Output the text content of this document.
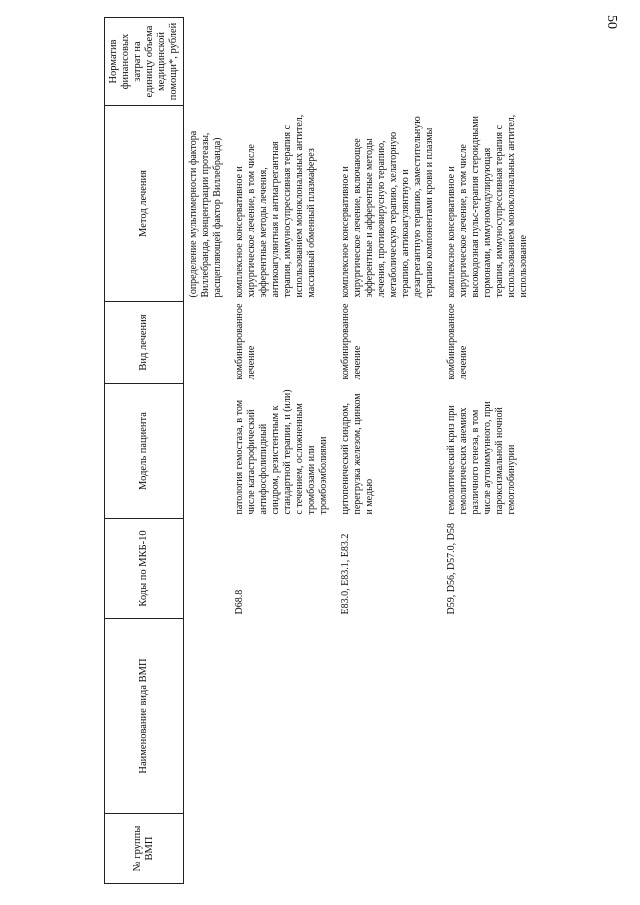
50
№ группы ВМП	Наименование вида ВМП	Коды по МКБ-10	Модель пациента	Вид лечения	Метод лечения	Норматив финансовых затрат на единицу объема медицинской помощи*, рублей
					(определение мультимерности фактора Виллебранда, концентрации протеазы, расщепляющей фактор Виллебранда)	
		D68.8	патология гемостаза, в том числе катастрофический антифосфолипидный синдром, резистентным к стандартной терапии, и (или) с течением, осложненным тромбозами или тромбоэмболиями	комбинированное лечение	комплексное консервативное и хирургическое лечение, в том числе эфферентные методы лечения, антикоагулянтная и антиагрегантная терапия, иммуносупрессивная терапия с использованием моноклональных антител, массивный обменный плазмаферез	
		E83.0, E83.1, E83.2	цитопенический синдром, перегрузка железом, цинком и медью	комбинированное лечение	комплексное консервативное и хирургическое лечение, включающее эфферентные и афферентные методы лечения, противовирусную терапию, метаболическую терапию, хелаторную терапию, антикоагулянтную и дезагрегантную терапию, заместительную терапию компонентами крови и плазмы	
		D59, D56, D57.0, D58	гемолитический криз при гемолитических анемиях различного генеза, в том числе аутоиммунного, при пароксизмальной ночной гемоглобинурии	комбинированное лечение	комплексное консервативное и хирургическое лечение, в том числе высокодозная пульс-терапия стероидными гормонами, иммуномодулирующая терапия, иммуносупрессивная терапия с использованием моноклональных антител, использование	
